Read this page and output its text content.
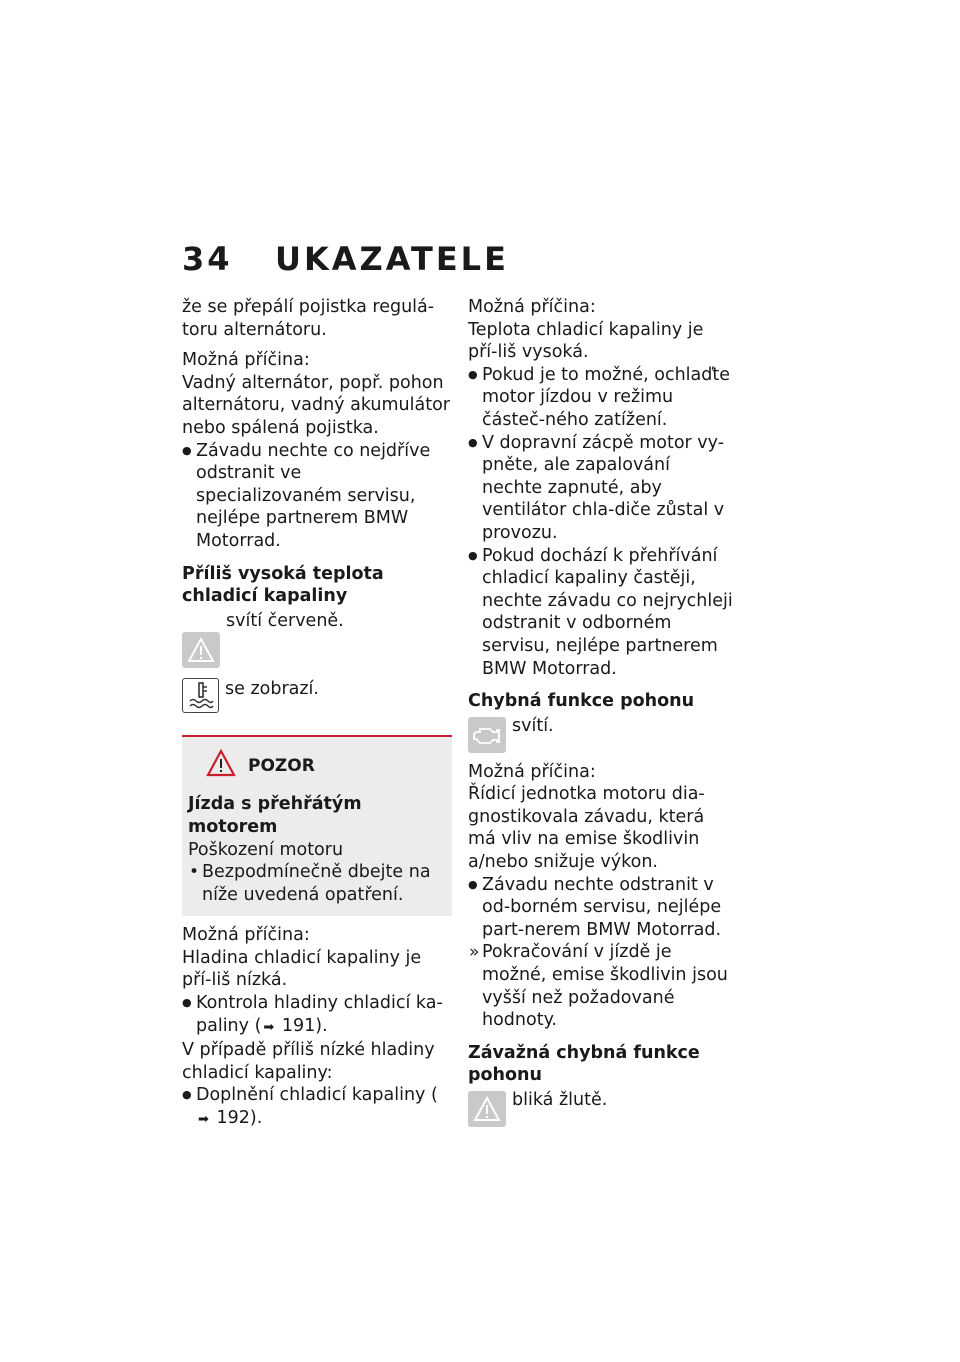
34 UKAZATELE

že se přepálí pojistka regulá-toru alternátoru.

Možná příčina:

Vadný alternátor, popř. pohon alternátoru, vadný akumulátor nebo spálená pojistka.

● Závadu nechte co nejdříve odstranit ve specializovaném servisu, nejlépe partnerem BMW Motorrad.

Příliš vysoká teplota chladicí kapaliny

svítí červeně.
se zobrazí.
POZOR

Jízda s přehřátým motorem

Poškození motoru

• Bezpodmínečně dbejte na níže uvedená opatření.

Možná příčina:

Hladina chladicí kapaliny je pří-liš nízká.

● Kontrola hladiny chladicí ka-paliny ( ➡ 191).

V případě příliš nízké hladiny chladicí kapaliny:

● Doplnění chladicí kapaliny (➡ 192).

Možná příčina:

Teplota chladicí kapaliny je pří-liš vysoká.

● Pokud je to možné, ochlaďte motor jízdou v režimu částeč-ného zatížení.
● V dopravní zácpě motor vy-pněte, ale zapalování nechte zapnuté, aby ventilátor chla-diče zůstal v provozu.
● Pokud dochází k přehřívání chladicí kapaliny častěji, nechte závadu co nejrychleji odstranit v odborném servisu, nejlépe partnerem BMW Motorrad.

Chybná funkce pohonu

svítí.

Možná příčina:

Řídicí jednotka motoru dia-gnostikovala závadu, která má vliv na emise škodlivin a/nebo snižuje výkon.

● Závadu nechte odstranit v od-borném servisu, nejlépe part-nerem BMW Motorrad.
» Pokračování v jízdě je možné, emise škodlivin jsou vyšší než požadované hodnoty.

Závažná chybná funkce pohonu

bliká žlutě.
